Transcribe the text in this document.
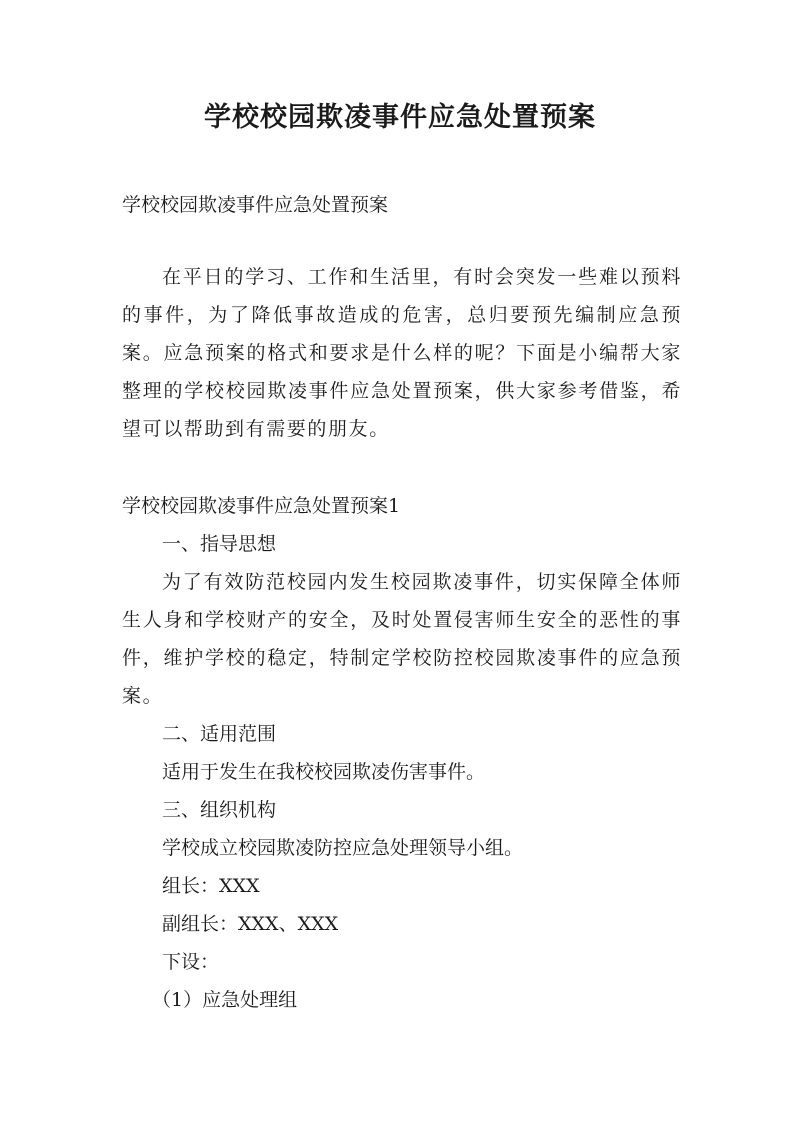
学校校园欺凌事件应急处置预案

学校校园欺凌事件应急处置预案

在平日的学习、工作和生活里，有时会突发一些难以预料的事件，为了降低事故造成的危害，总归要预先编制应急预案。应急预案的格式和要求是什么样的呢？下面是小编帮大家整理的学校校园欺凌事件应急处置预案，供大家参考借鉴，希望可以帮助到有需要的朋友。

学校校园欺凌事件应急处置预案1

一、指导思想

为了有效防范校园内发生校园欺凌事件，切实保障全体师生人身和学校财产的安全，及时处置侵害师生安全的恶性的事件，维护学校的稳定，特制定学校防控校园欺凌事件的应急预案。

二、适用范围

适用于发生在我校校园欺凌伤害事件。

三、组织机构

学校成立校园欺凌防控应急处理领导小组。

组长：XXX

副组长：XXX、XXX

下设：

（1）应急处理组
